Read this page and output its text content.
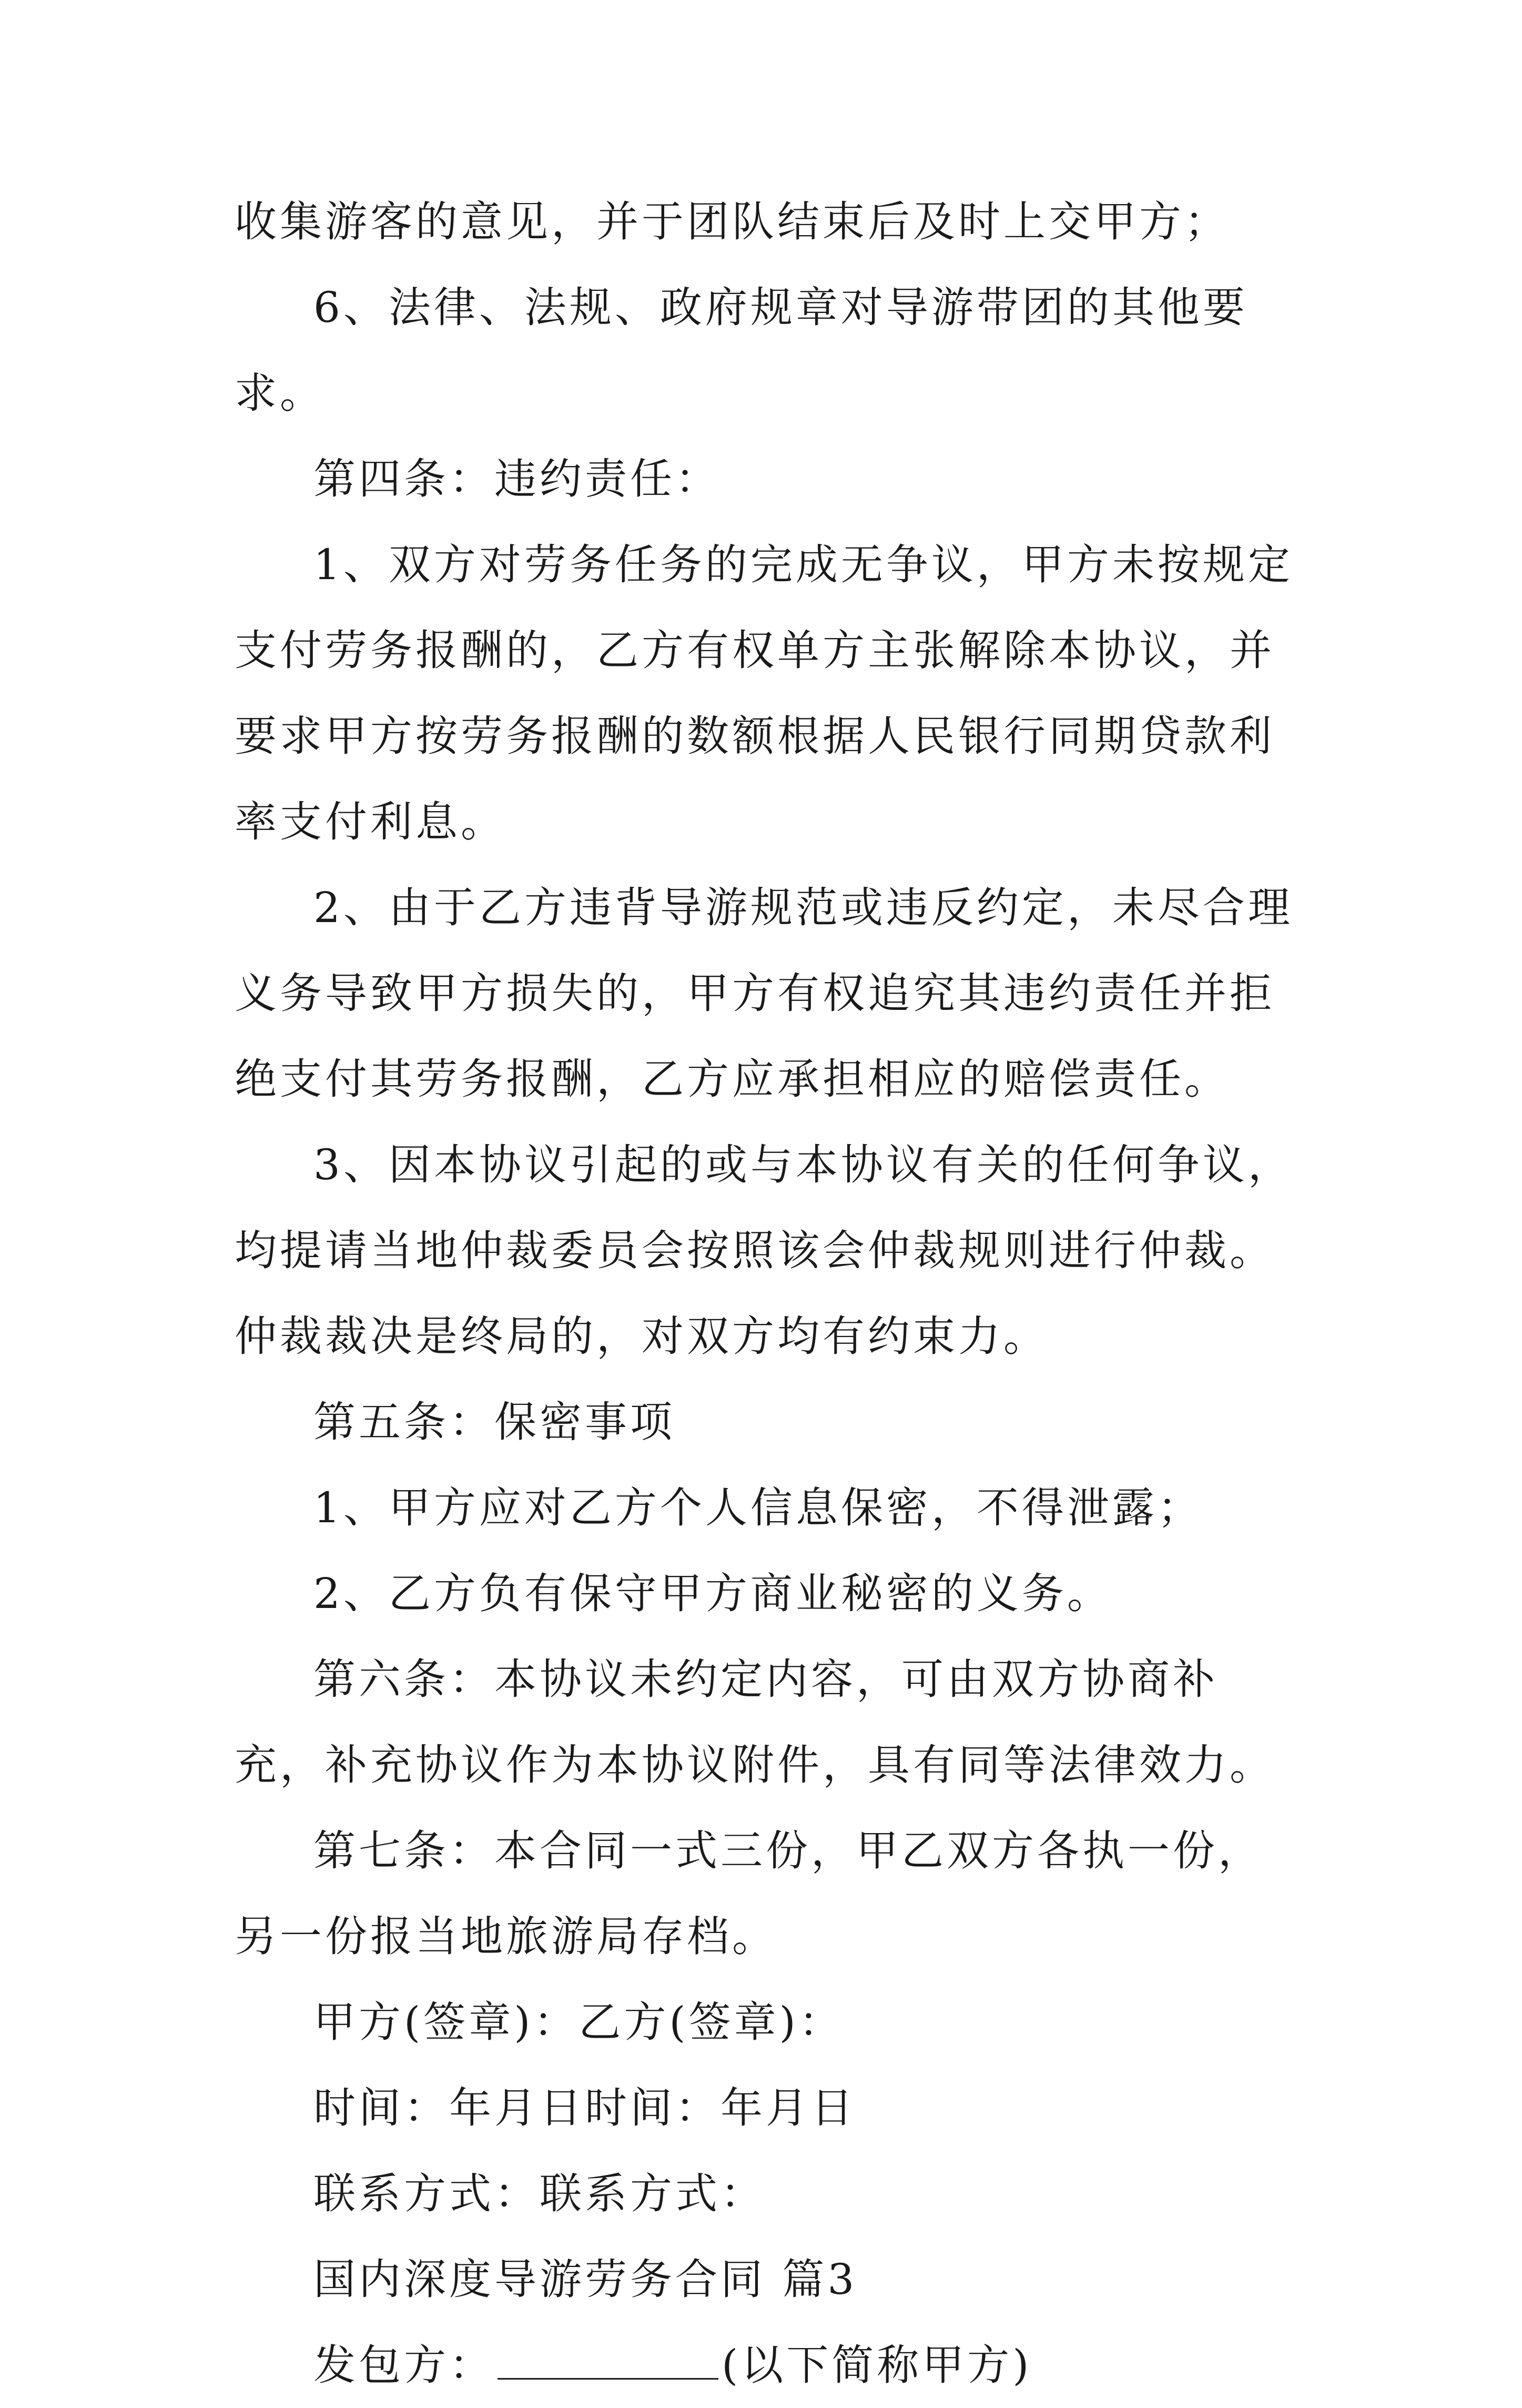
收集游客的意见，并于团队结束后及时上交甲方；

6、法律、法规、政府规章对导游带团的其他要求。

第四条：违约责任：

1、双方对劳务任务的完成无争议，甲方未按规定支付劳务报酬的，乙方有权单方主张解除本协议，并要求甲方按劳务报酬的数额根据人民银行同期贷款利率支付利息。

2、由于乙方违背导游规范或违反约定，未尽合理义务导致甲方损失的，甲方有权追究其违约责任并拒绝支付其劳务报酬，乙方应承担相应的赔偿责任。

3、因本协议引起的或与本协议有关的任何争议，均提请当地仲裁委员会按照该会仲裁规则进行仲裁。仲裁裁决是终局的，对双方均有约束力。

第五条：保密事项

1、甲方应对乙方个人信息保密，不得泄露；

2、乙方负有保守甲方商业秘密的义务。

第六条：本协议未约定内容，可由双方协商补充，补充协议作为本协议附件，具有同等法律效力。

第七条：本合同一式三份，甲乙双方各执一份，另一份报当地旅游局存档。

甲方(签章)：乙方(签章)：

时间：年月日时间：年月日

联系方式：联系方式：

国内深度导游劳务合同 篇3

发包方：	(以下简称甲方)
